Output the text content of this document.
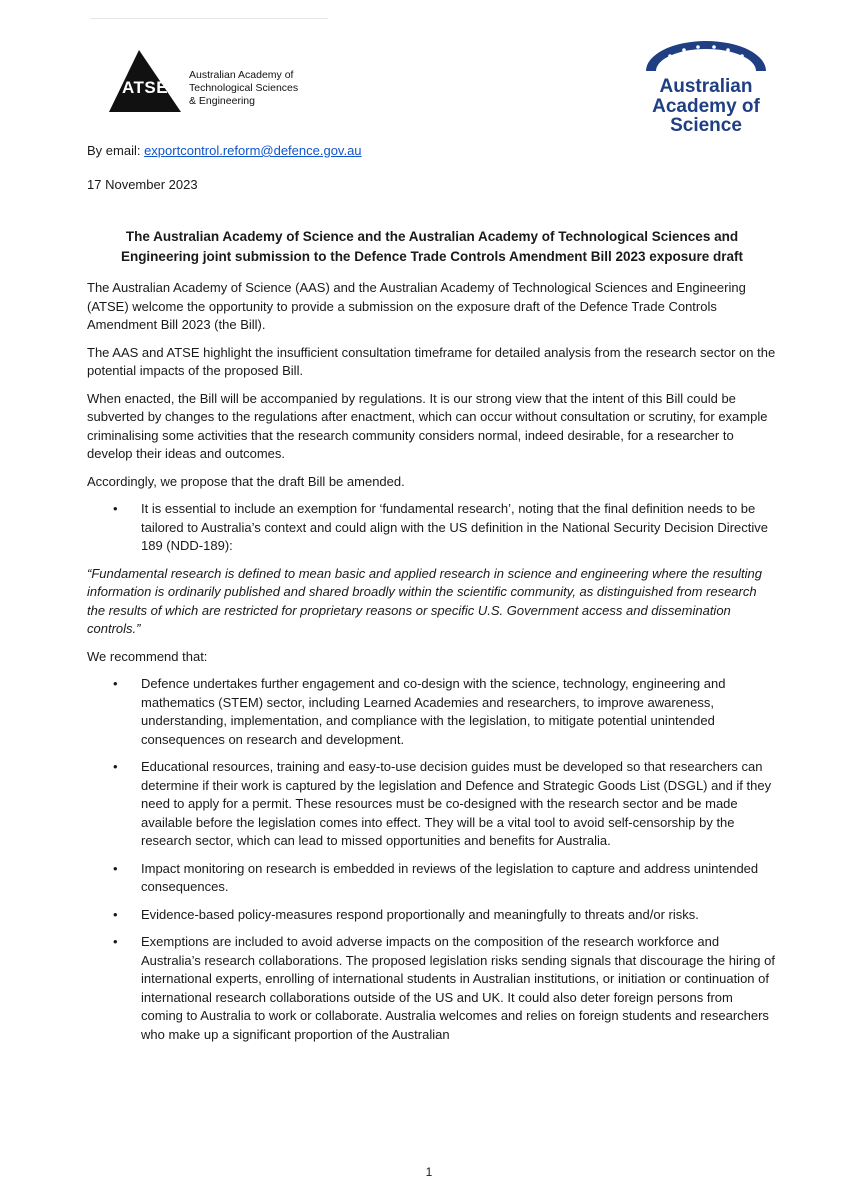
ATSE
Australian Academy of
Technological Sciences
& Engineering
Australian
Academy of
Science

By email: exportcontrol.reform@defence.gov.au

17 November 2023

The Australian Academy of Science and the Australian Academy of Technological Sciences and Engineering joint submission to the Defence Trade Controls Amendment Bill 2023 exposure draft

The Australian Academy of Science (AAS) and the Australian Academy of Technological Sciences and Engineering (ATSE) welcome the opportunity to provide a submission on the exposure draft of the Defence Trade Controls Amendment Bill 2023 (the Bill).

The AAS and ATSE highlight the insufficient consultation timeframe for detailed analysis from the research sector on the potential impacts of the proposed Bill.

When enacted, the Bill will be accompanied by regulations. It is our strong view that the intent of this Bill could be subverted by changes to the regulations after enactment, which can occur without consultation or scrutiny, for example criminalising some activities that the research community considers normal, indeed desirable, for a researcher to develop their ideas and outcomes.

Accordingly, we propose that the draft Bill be amended.

• It is essential to include an exemption for ‘fundamental research’, noting that the final definition needs to be tailored to Australia’s context and could align with the US definition in the National Security Decision Directive 189 (NDD-189):

“Fundamental research is defined to mean basic and applied research in science and engineering where the resulting information is ordinarily published and shared broadly within the scientific community, as distinguished from research the results of which are restricted for proprietary reasons or specific U.S. Government access and dissemination controls.”

We recommend that:

• Defence undertakes further engagement and co-design with the science, technology, engineering and mathematics (STEM) sector, including Learned Academies and researchers, to improve awareness, understanding, implementation, and compliance with the legislation, to mitigate potential unintended consequences on research and development.
• Educational resources, training and easy-to-use decision guides must be developed so that researchers can determine if their work is captured by the legislation and Defence and Strategic Goods List (DSGL) and if they need to apply for a permit. These resources must be co-designed with the research sector and be made available before the legislation comes into effect. They will be a vital tool to avoid self-censorship by the research sector, which can lead to missed opportunities and benefits for Australia.
• Impact monitoring on research is embedded in reviews of the legislation to capture and address unintended consequences.
• Evidence-based policy-measures respond proportionally and meaningfully to threats and/or risks.
• Exemptions are included to avoid adverse impacts on the composition of the research workforce and Australia’s research collaborations. The proposed legislation risks sending signals that discourage the hiring of international experts, enrolling of international students in Australian institutions, or initiation or continuation of international research collaborations outside of the US and UK. It could also deter foreign persons from coming to Australia to work or collaborate. Australia welcomes and relies on foreign students and researchers who make up a significant proportion of the Australian
1
